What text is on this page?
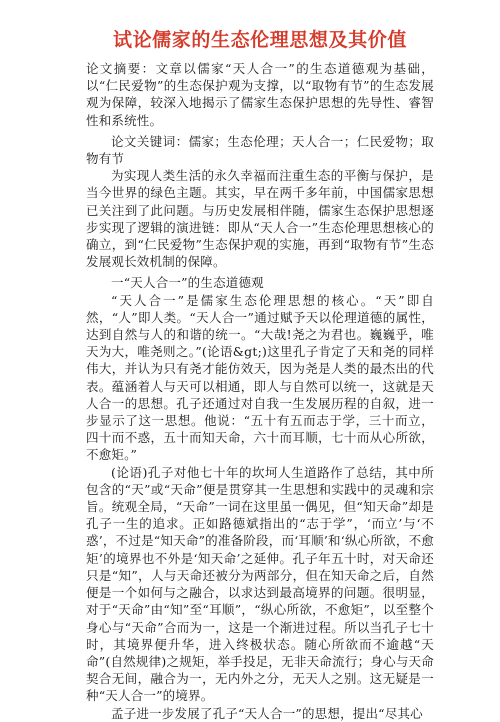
试论儒家的生态伦理思想及其价值

论文摘要：文章以儒家“天人合一”的生态道德观为基础，以“仁民爱物”的生态保护观为支撑，以“取物有节”的生态发展观为保障，较深入地揭示了儒家生态保护思想的先导性、睿智性和系统性。

论文关键词：儒家；生态伦理；天人合一；仁民爱物；取物有节

为实现人类生活的永久幸福而注重生态的平衡与保护，是当今世界的绿色主题。其实，早在两千多年前，中国儒家思想已关注到了此问题。与历史发展相伴随，儒家生态保护思想逐步实现了逻辑的演进链：即从“天人合一”生态伦理思想核心的确立，到“仁民爱物”生态保护观的实施，再到“取物有节”生态发展观长效机制的保障。

一“天人合一”的生态道德观

“天人合一”是儒家生态伦理思想的核心。“天”即自然，“人”即人类。“天人合一”通过赋予天以伦理道德的属性，达到自然与人的和谐的统一。“大哉!尧之为君也。巍巍乎，唯天为大，唯尧则之。”(论语&gt;)这里孔子肯定了天和尧的同样伟大，并认为只有尧才能仿效天，因为尧是人类的最杰出的代表。蕴涵着人与天可以相通，即人与自然可以统一，这就是天人合一的思想。孔子还通过对自我一生发展历程的自叙，进一步显示了这一思想。他说：“五十有五而志于学，三十而立，四十而不惑，五十而知天命，六十而耳顺，七十而从心所欲，不愈矩。”

(论语)孔子对他七十年的坎坷人生道路作了总结，其中所包含的“天”或“天命”便是贯穿其一生思想和实践中的灵魂和宗旨。统观全局，“天命”一词在这里虽一偶见，但“知天命”却是孔子一生的追求。正如路德斌指出的“志于学”，‘而立’与‘不惑’，不过是“知天命”的准备阶段，而‘耳顺’和‘纵心所欲，不愈矩’的境界也不外是‘知天命’之延伸。孔子年五十时，对天命还只是“知”，人与天命还被分为两部分，但在知天命之后，自然便是一个如何与之融合，以求达到最高境界的问题。很明显，对于“天命”由“知”至“耳顺”，“纵心所欲，不愈矩”，以至整个身心与“天命”合而为一，这是一个渐进过程。所以当孔子七十时，其境界便升华，进入终极状态。随心所欲而不逾越“天命”(自然规律)之规矩，举手投足，无非天命流行；身心与天命契合无间，融合为一，无内外之分，无天人之别。这无疑是一种“天人合一”的境界。

孟子进一步发展了孔子“天人合一”的思想，提出“尽其心
